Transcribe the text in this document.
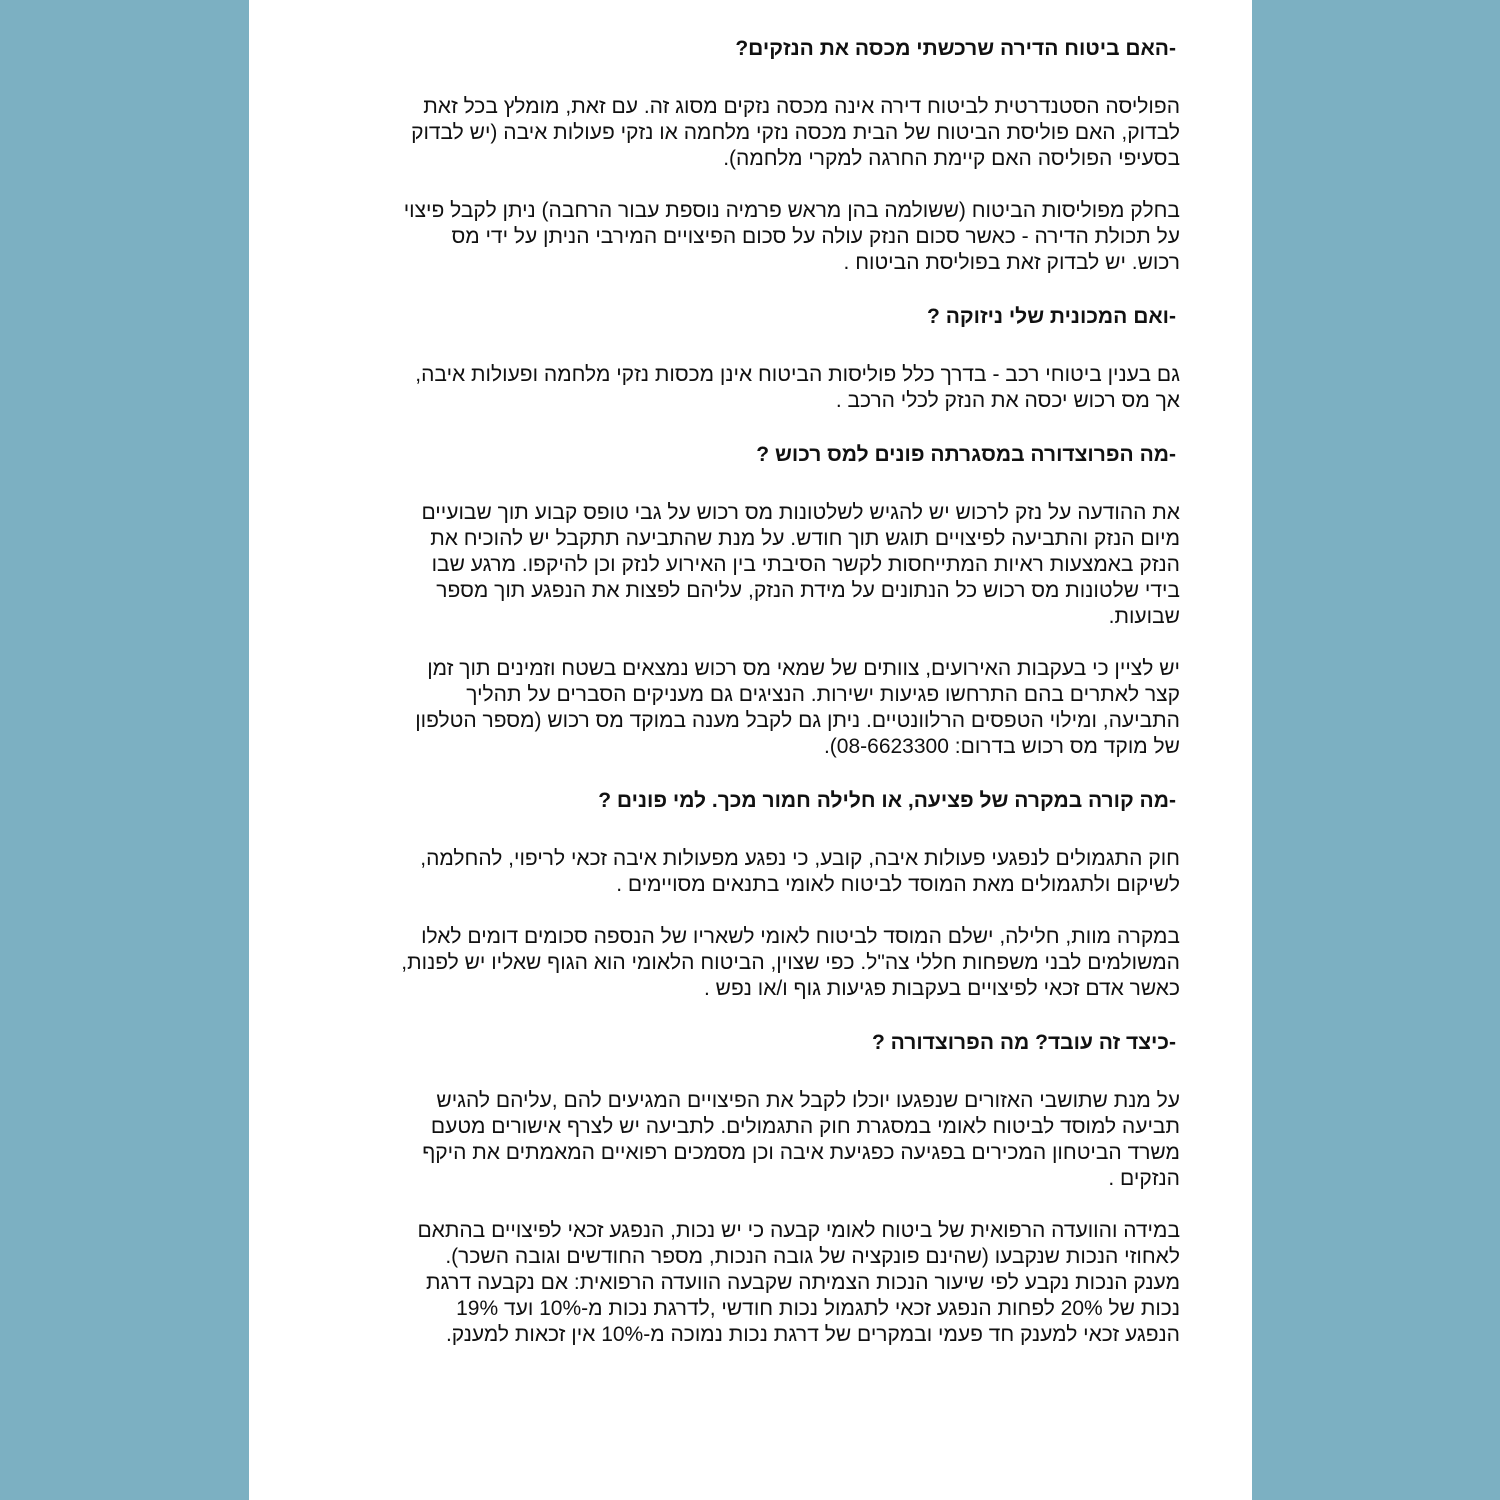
-האם ביטוח הדירה שרכשתי מכסה את הנזקים?
הפוליסה הסטנדרטית לביטוח דירה אינה מכסה נזקים מסוג זה. עם זאת, מומלץ בכל זאת
לבדוק, האם פוליסת הביטוח של הבית מכסה נזקי מלחמה או נזקי פעולות איבה (יש לבדוק
בסעיפי הפוליסה האם קיימת החרגה למקרי מלחמה).
בחלק מפוליסות הביטוח (ששולמה בהן מראש פרמיה נוספת עבור הרחבה) ניתן לקבל פיצוי
על תכולת הדירה - כאשר סכום הנזק עולה על סכום הפיצויים המירבי הניתן על ידי מס
רכוש. יש לבדוק זאת בפוליסת הביטוח .
-ואם המכונית שלי ניזוקה ?
גם בענין ביטוחי רכב - בדרך כלל פוליסות הביטוח אינן מכסות נזקי מלחמה ופעולות איבה,
אך מס רכוש יכסה את הנזק לכלי הרכב .
-מה הפרוצדורה במסגרתה פונים למס רכוש ?
את ההודעה על נזק לרכוש יש להגיש לשלטונות מס רכוש על גבי טופס קבוע תוך שבועיים
מיום הנזק והתביעה לפיצויים תוגש תוך חודש. על מנת שהתביעה תתקבל יש להוכיח את
הנזק באמצעות ראיות המתייחסות לקשר הסיבתי בין האירוע לנזק וכן להיקפו. מרגע שבו
בידי שלטונות מס רכוש כל הנתונים על מידת הנזק, עליהם לפצות את הנפגע תוך מספר
שבועות.
יש לציין כי בעקבות האירועים, צוותים של שמאי מס רכוש נמצאים בשטח וזמינים תוך זמן
קצר לאתרים בהם התרחשו פגיעות ישירות. הנציגים גם מעניקים הסברים על תהליך
התביעה, ומילוי הטפסים הרלוונטיים. ניתן גם לקבל מענה במוקד מס רכוש (מספר הטלפון
של מוקד מס רכוש בדרום: 08-6623300).
-מה קורה במקרה של פציעה, או חלילה חמור מכך. למי פונים ?
חוק התגמולים לנפגעי פעולות איבה, קובע, כי נפגע מפעולות איבה זכאי לריפוי, להחלמה,
לשיקום ולתגמולים מאת המוסד לביטוח לאומי בתנאים מסויימים .
במקרה מוות, חלילה, ישלם המוסד לביטוח לאומי לשאריו של הנספה סכומים דומים לאלו
המשולמים לבני משפחות חללי צה"ל. כפי שצוין, הביטוח הלאומי הוא הגוף שאליו יש לפנות,
כאשר אדם זכאי לפיצויים בעקבות פגיעות גוף ו/או נפש .
-כיצד זה עובד? מה הפרוצדורה ?
על מנת שתושבי האזורים שנפגעו יוכלו לקבל את הפיצויים המגיעים להם ,עליהם להגיש
תביעה למוסד לביטוח לאומי במסגרת חוק התגמולים. לתביעה יש לצרף אישורים מטעם
משרד הביטחון המכירים בפגיעה כפגיעת איבה וכן מסמכים רפואיים המאמתים את היקף
הנזקים .
במידה והוועדה הרפואית של ביטוח לאומי קבעה כי יש נכות, הנפגע זכאי לפיצויים בהתאם
לאחוזי הנכות שנקבעו (שהינם פונקציה של גובה הנכות, מספר החודשים וגובה השכר).
מענק הנכות נקבע לפי שיעור הנכות הצמיתה שקבעה הוועדה הרפואית: אם נקבעה דרגת
נכות של 20% לפחות הנפגע זכאי לתגמול נכות חודשי ,לדרגת נכות מ-10% ועד 19%
הנפגע זכאי למענק חד פעמי ובמקרים של דרגת נכות נמוכה מ-10% אין זכאות למענק.
